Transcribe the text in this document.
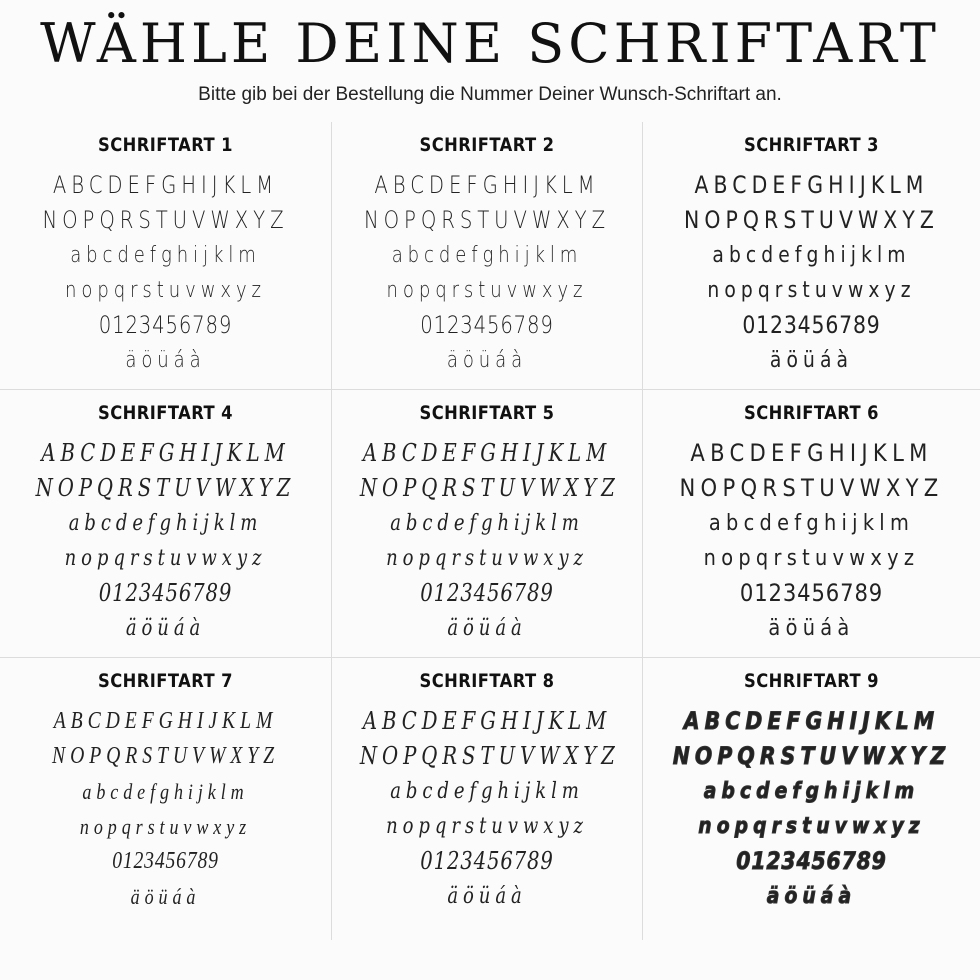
WÄHLE DEINE SCHRIFTART
Bitte gib bei der Bestellung die Nummer Deiner Wunsch-Schriftart an.
SCHRIFTART 1
ABCDEFGHIJKLM
NOPQRSTUVWXYZ
abcdefghijklm
nopqrstuvwxyz
0123456789
äöüáà
SCHRIFTART 2
ABCDEFGHIJKLM
NOPQRSTUVWXYZ
abcdefghijklm
nopqrstuvwxyz
0123456789
äöüáà
SCHRIFTART 3
ABCDEFGHIJKLM
NOPQRSTUVWXYZ
abcdefghijklm
nopqrstuvwxyz
0123456789
äöüáà
SCHRIFTART 4
ABCDEFGHIJKLM
NOPQRSTUVWXYZ
abcdefghijklm
nopqrstuvwxyz
0123456789
äöüáà
SCHRIFTART 5
ABCDEFGHIJKLM
NOPQRSTUVWXYZ
abcdefghijklm
nopqrstuvwxyz
0123456789
äöüáà
SCHRIFTART 6
ABCDEFGHIJKLM
NOPQRSTUVWXYZ
abcdefghijklm
nopqrstuvwxyz
0123456789
äöüáà
SCHRIFTART 7
ABCDEFGHIJKLM
NOPQRSTUVWXYZ
abcdefghijklm
nopqrstuvwxyz
0123456789
äöüáà
SCHRIFTART 8
ABCDEFGHIJKLM
NOPQRSTUVWXYZ
abcdefghijklm
nopqrstuvwxyz
0123456789
äöüáà
SCHRIFTART 9
ABCDEFGHIJKLM
NOPQRSTUVWXYZ
abcdefghijklm
nopqrstuvwxyz
0123456789
äöüáà
